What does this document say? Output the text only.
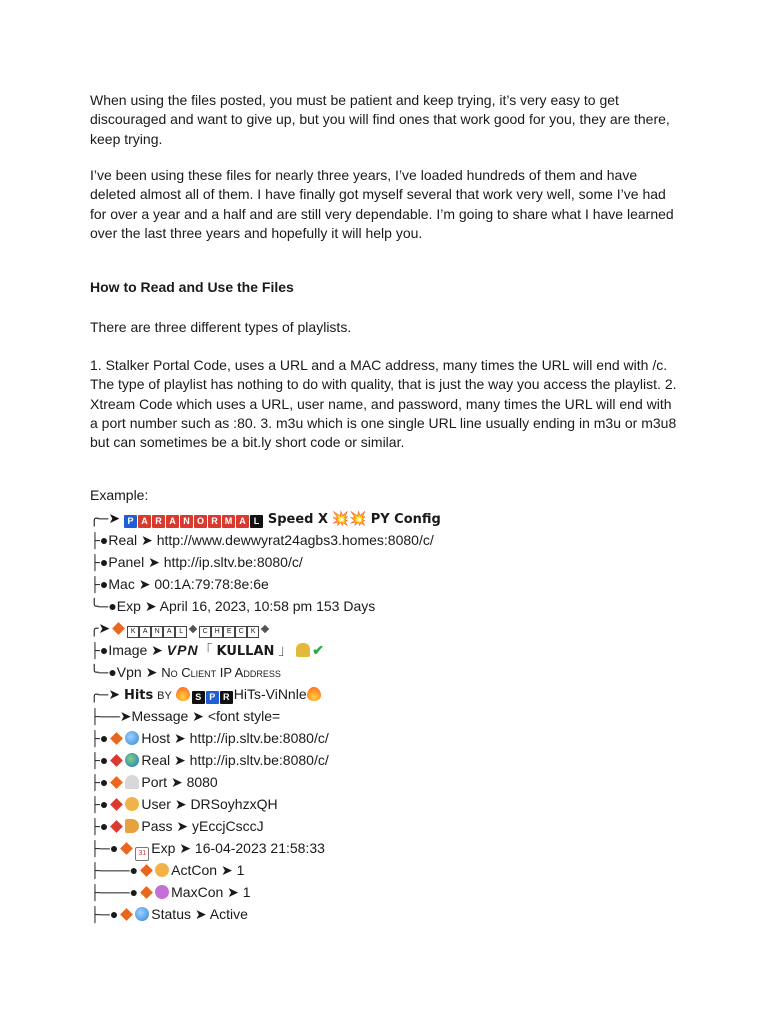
When using the files posted, you must be patient and keep trying, it’s very easy to get discouraged and want to give up, but you will find ones that work good for you, they are there, keep trying.

I’ve been using these files for nearly three years, I’ve loaded hundreds of them and have deleted almost all of them. I have finally got myself several that work very well, some I’ve had for over a year and a half and are still very dependable. I’m going to share what I have learned over the last three years and hopefully it will help you.

How to Read and Use the Files

There are three different types of playlists.

1. Stalker Portal Code, uses a URL and a MAC address, many times the URL will end with /c. The type of playlist has nothing to do with quality, that is just the way you access the playlist. 2. Xtream Code which uses a URL, user name, and password, many times the URL will end with a port number such as :80. 3. m3u which is one single URL line usually ending in m3u or m3u8 but can sometimes be a bit.ly short code or similar.

Example:

╭─➤ P A R A N O R M A L Speed X 💥💥 PY Config
├●Real ➤ http://www.dewwyrat24agbs3.homes:8080/c/
├●Panel ➤ http://ip.sltv.be:8080/c/
├●Mac ➤ 00:1A:79:78:8e:6e
╰─●Exp ➤ April 16, 2023, 10:58 pm 153 Days
╭➤	K A N A L	C H E C K
├●Image ➤ VPN「 KULLAN 」 ✔
╰─●Vpn ➤ No Client IP Address
╭─➤ Hits BY	S P R HiTs-ViNnle
├──➤Message ➤ <font style=
├● Host ➤ http://ip.sltv.be:8080/c/
├● Real ➤ http://ip.sltv.be:8080/c/
├● Port ➤ 8080
├● User ➤ DRSoyhzxQH
├● Pass ➤ yEccjCsccJ
├─●	31 Exp ➤ 16-04-2023 21:58:33
├───● ActCon ➤ 1
├───● MaxCon ➤ 1
├─● Status ➤ Active
